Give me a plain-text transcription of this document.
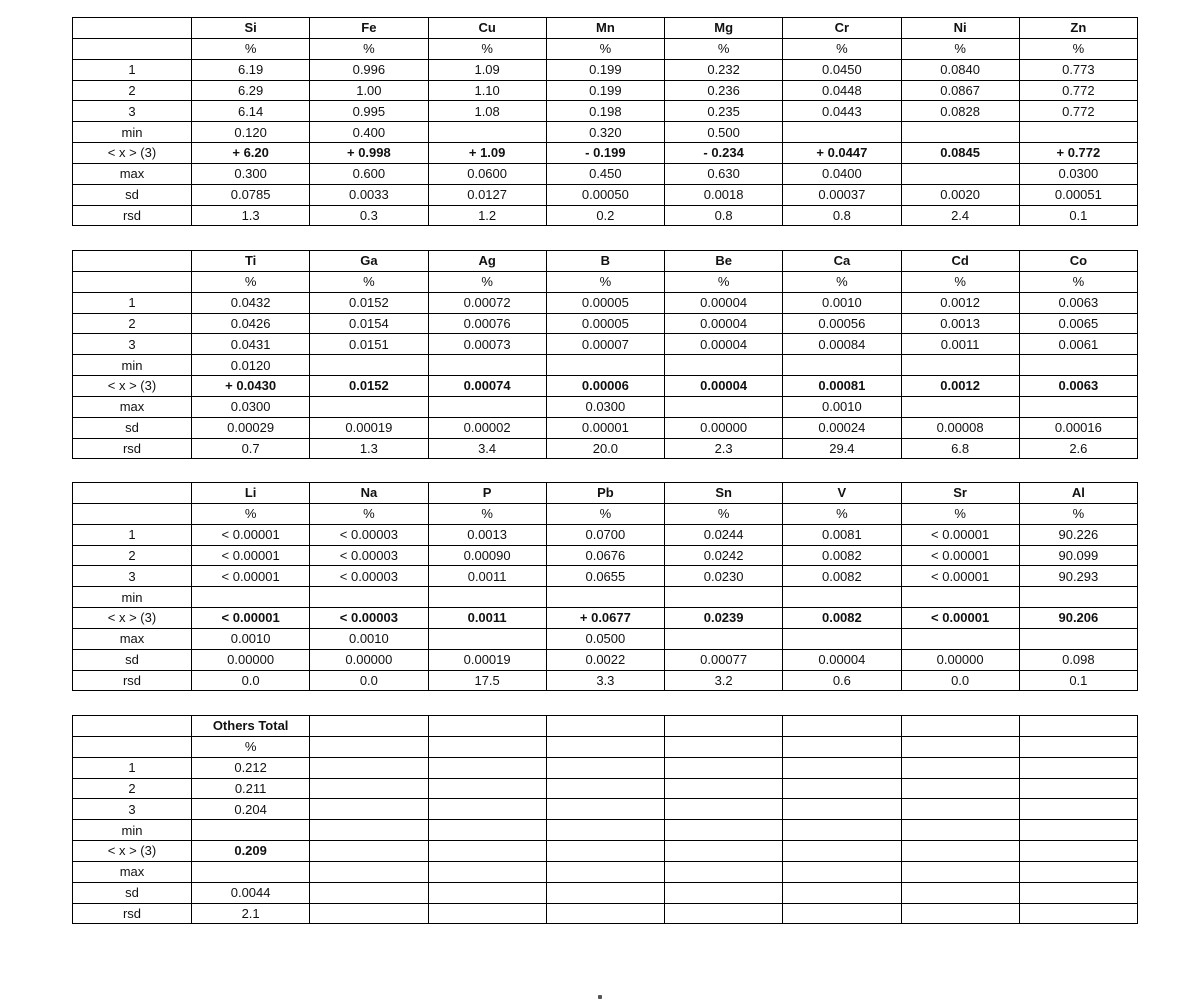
	Si	Fe	Cu	Mn	Mg	Cr	Ni	Zn
	%	%	%	%	%	%	%	%
1	6.19	0.996	1.09	0.199	0.232	0.0450	0.0840	0.773
2	6.29	1.00	1.10	0.199	0.236	0.0448	0.0867	0.772
3	6.14	0.995	1.08	0.198	0.235	0.0443	0.0828	0.772
min	0.120	0.400		0.320	0.500			
< x > (3)	+ 6.20	+ 0.998	+ 1.09	- 0.199	- 0.234	+ 0.0447	0.0845	+ 0.772
max	0.300	0.600	0.0600	0.450	0.630	0.0400		0.0300
sd	0.0785	0.0033	0.0127	0.00050	0.0018	0.00037	0.0020	0.00051
rsd	1.3	0.3	1.2	0.2	0.8	0.8	2.4	0.1
	Ti	Ga	Ag	B	Be	Ca	Cd	Co
	%	%	%	%	%	%	%	%
1	0.0432	0.0152	0.00072	0.00005	0.00004	0.0010	0.0012	0.0063
2	0.0426	0.0154	0.00076	0.00005	0.00004	0.00056	0.0013	0.0065
3	0.0431	0.0151	0.00073	0.00007	0.00004	0.00084	0.0011	0.0061
min	0.0120							
< x > (3)	+ 0.0430	0.0152	0.00074	0.00006	0.00004	0.00081	0.0012	0.0063
max	0.0300			0.0300		0.0010		
sd	0.00029	0.00019	0.00002	0.00001	0.00000	0.00024	0.00008	0.00016
rsd	0.7	1.3	3.4	20.0	2.3	29.4	6.8	2.6
	Li	Na	P	Pb	Sn	V	Sr	Al
	%	%	%	%	%	%	%	%
1	< 0.00001	< 0.00003	0.0013	0.0700	0.0244	0.0081	< 0.00001	90.226
2	< 0.00001	< 0.00003	0.00090	0.0676	0.0242	0.0082	< 0.00001	90.099
3	< 0.00001	< 0.00003	0.0011	0.0655	0.0230	0.0082	< 0.00001	90.293
min								
< x > (3)	< 0.00001	< 0.00003	0.0011	+ 0.0677	0.0239	0.0082	< 0.00001	90.206
max	0.0010	0.0010		0.0500				
sd	0.00000	0.00000	0.00019	0.0022	0.00077	0.00004	0.00000	0.098
rsd	0.0	0.0	17.5	3.3	3.2	0.6	0.0	0.1
	Others Total							
	%							
1	0.212							
2	0.211							
3	0.204							
min								
< x > (3)	0.209							
max								
sd	0.0044							
rsd	2.1							
